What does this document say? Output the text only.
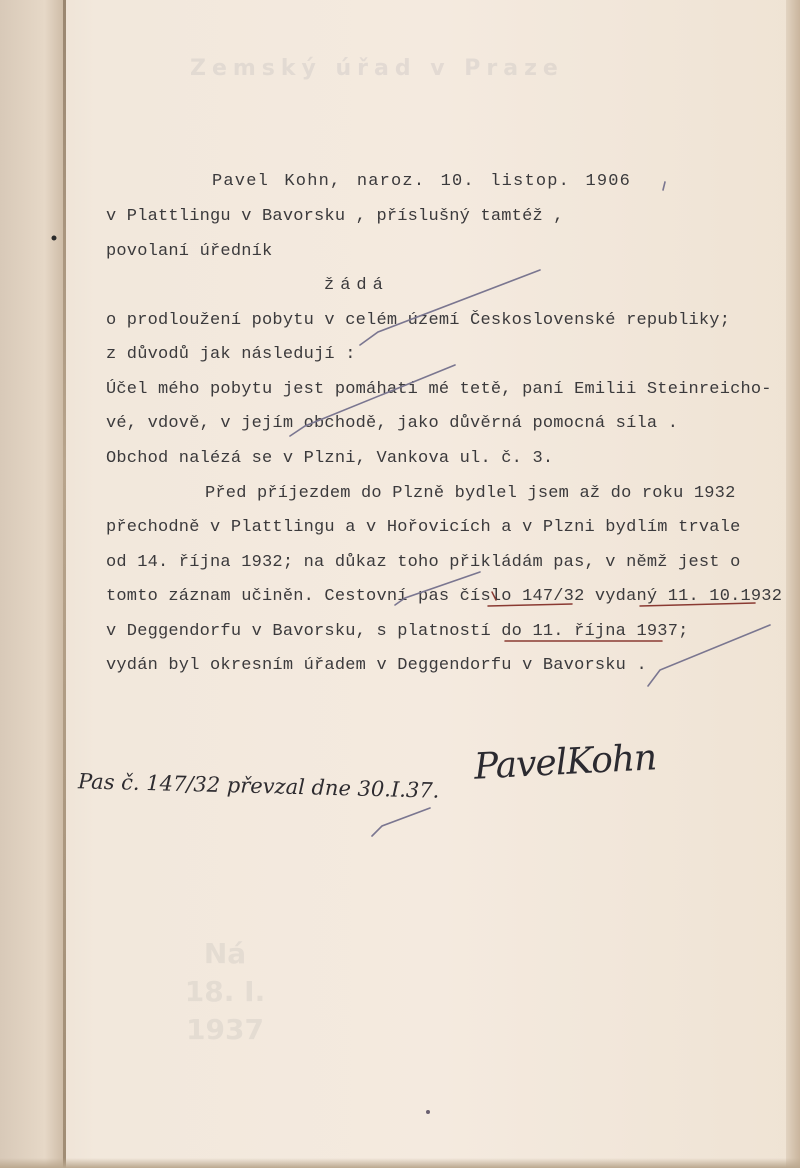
Zemský úřad v Praze
Ná
18. I.
1937
Pavel Kohn, naroz. 10. listop. 1906
v Plattlingu v Bavorsku , příslušný tamtéž ,
povolaní úředník
žádá
o prodloužení pobytu v celém území Československé republiky;
z důvodů jak následují :
Účel mého pobytu jest pomáhati mé tetě, paní Emilii Steinreicho-
vé, vdově, v jejím obchodě, jako důvěrná pomocná síla .
Obchod nalézá se v Plzni, Vankova ul. č. 3.
Před příjezdem do Plzně bydlel jsem až do roku 1932
přechodně v Plattlingu a v Hořovicích a v Plzni bydlím trvale
od 14. října 1932; na důkaz toho přikládám pas, v němž jest o
tomto záznam učiněn. Cestovní pas číslo 147/32 vydaný 11. 10.1932
v Deggendorfu v Bavorsku, s platností do 11. října 1937;
vydán byl okresním úřadem v Deggendorfu v Bavorsku .
Pas č. 147/32 převzal dne 30.I.37. PavelKohn
